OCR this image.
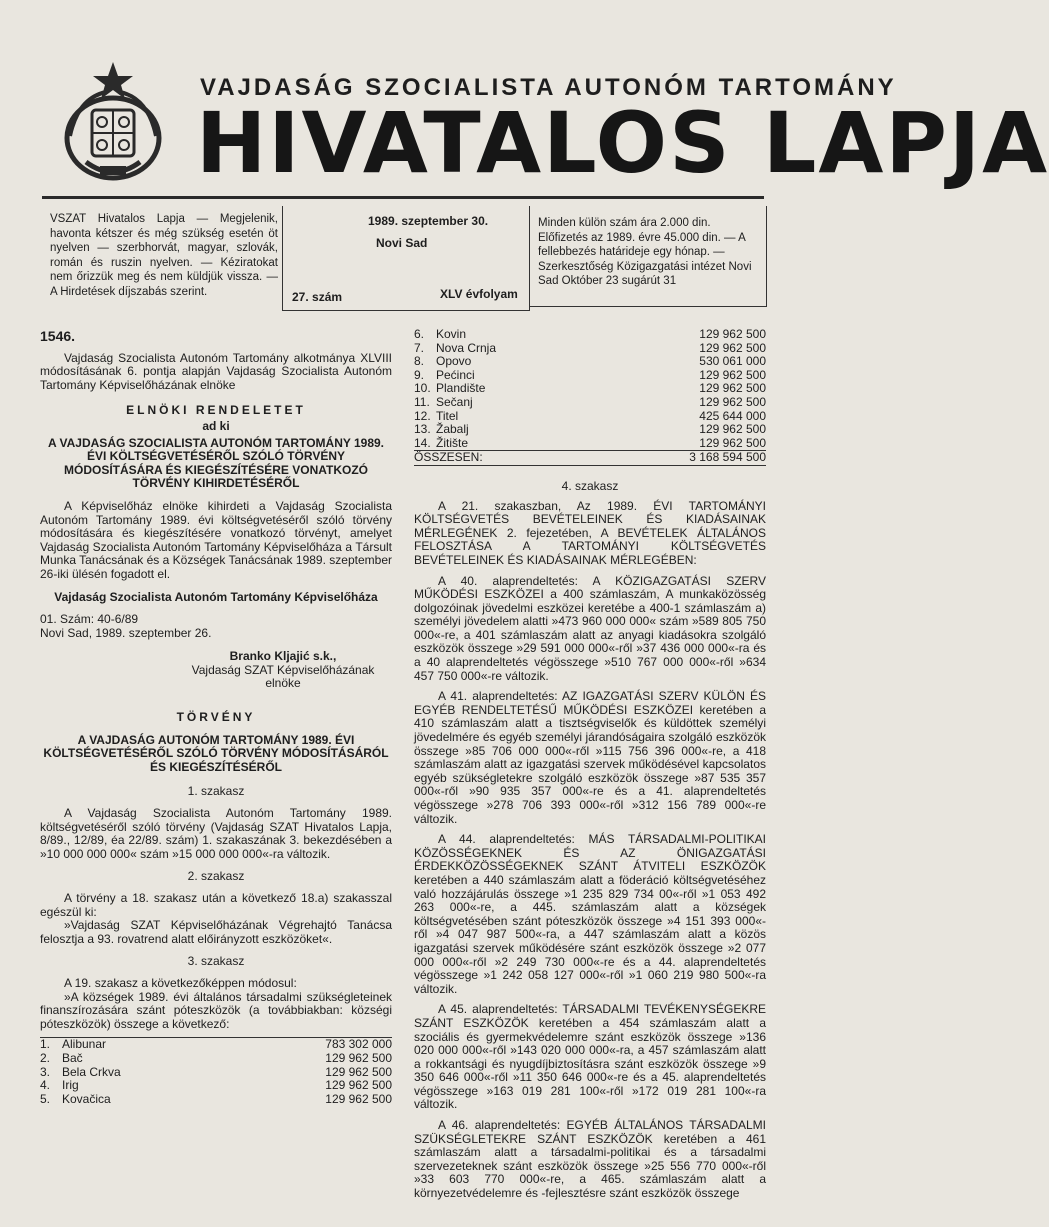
VAJDASÁG SZOCIALISTA AUTONÓM TARTOMÁNY
HIVATALOS LAPJA
VSZAT Hivatalos Lapja — Megjelenik, havonta kétszer és még szükség esetén öt nyelven — szerbhorvát, magyar, szlovák, román és ruszin nyelven. — Kéziratokat nem őrizzük meg és nem küldjük vissza. — A Hirdetések díjszabás szerint.
1989. szeptember 30.
Novi Sad
27. szám	XLV évfolyam
Minden külön szám ára 2.000 din. Előfizetés az 1989. évre 45.000 din. — A fellebbezés határideje egy hónap. — Szerkesztőség Közigazgatási intézet Novi Sad Október 23 sugárút 31

1546.

Vajdaság Szocialista Autonóm Tartomány alkotmánya XLVIII módosításának 6. pontja alapján Vajdaság Szocialista Autonóm Tartomány Képviselőházának elnöke

ELNÖKI RENDELETET

ad ki

A VAJDASÁG SZOCIALISTA AUTONÓM TARTOMÁNY 1989. ÉVI KÖLTSÉGVETÉSÉRŐL SZÓLÓ TÖRVÉNY MÓDOSÍTÁSÁRA ÉS KIEGÉSZÍTÉSÉRE VONATKOZÓ TÖRVÉNY KIHIRDETÉSÉRŐL

A Képviselőház elnöke kihirdeti a Vajdaság Szocialista Autonóm Tartomány 1989. évi költségvetéséről szóló törvény módosítására és kiegészítésére vonatkozó törvényt, amelyet Vajdaság Szocialista Autonóm Tartomány Képviselőháza a Társult Munka Tanácsának és a Községek Tanácsának 1989. szeptember 26-iki ülésén fogadott el.

Vajdaság Szocialista Autonóm Tartomány Képviselőháza

01. Szám: 40-6/89

Novi Sad, 1989. szeptember 26.

Branko Kljajić s.k.,

Vajdaság SZAT Képviselőházának

elnöke

TÖRVÉNY

A VAJDASÁG AUTONÓM TARTOMÁNY 1989. ÉVI KÖLTSÉGVETÉSÉRŐL SZÓLÓ TÖRVÉNY MÓDOSÍTÁSÁRÓL ÉS KIEGÉSZÍTÉSÉRŐL

1. szakasz

A Vajdaság Szocialista Autonóm Tartomány 1989. költségvetéséről szóló törvény (Vajdaság SZAT Hivatalos Lapja, 8/89., 12/89, éa 22/89. szám) 1. szakaszának 3. bekezdésében a »10 000 000 000« szám »15 000 000 000«-ra változik.

2. szakasz

A törvény a 18. szakasz után a következő 18.a) szakasszal egészül ki:

»Vajdaság SZAT Képviselőházának Végrehajtó Tanácsa felosztja a 93. rovatrend alatt előirányzott eszközöket«.

3. szakasz

A 19. szakasz a következőképpen módosul:

»A községek 1989. évi általános társadalmi szükségleteinek finanszírozására szánt póteszközök (a továbbiakban: községi póteszközök) összege a következő:

1.	Alibunar	783 302 000
2.	Bač	129 962 500
3.	Bela Crkva	129 962 500
4.	Irig	129 962 500
5.	Kovačica	129 962 500
6.	Kovin	129 962 500
7.	Nova Crnja	129 962 500
8.	Opovo	530 061 000
9.	Pećinci	129 962 500
10.	Plandište	129 962 500
11.	Sečanj	129 962 500
12.	Titel	425 644 000
13.	Žabalj	129 962 500
14.	Žitište	129 962 500
ÖSSZESEN:		3 168 594 500

4. szakasz

A 21. szakaszban, Az 1989. ÉVI TARTOMÁNYI KÖLTSÉGVETÉS BEVÉTELEINEK ÉS KIADÁSAINAK MÉRLEGÉNEK 2. fejezetében, A BEVÉTELEK ÁLTALÁNOS FELOSZTÁSA A TARTOMÁNYI KÖLTSÉGVETÉS BEVÉTELEINEK ÉS KIADÁSAINAK MÉRLEGÉBEN:

A 40. alaprendeltetés: A KÖZIGAZGATÁSI SZERV MŰKÖDÉSI ESZKÖZEI a 400 számlaszám, A munkaközösség dolgozóinak jövedelmi eszközei keretébe a 400-1 számlaszám a) személyi jövedelem alatti »473 960 000 000« szám »589 805 750 000«-re, a 401 számlaszám alatt az anyagi kiadásokra szolgáló eszközök összege »29 591 000 000«-ről »37 436 000 000«-ra és a 40 alaprendeltetés végösszege »510 767 000 000«-ről »634 457 750 000«-re változik.

A 41. alaprendeltetés: AZ IGAZGATÁSI SZERV KÜLÖN ÉS EGYÉB RENDELTETÉSŰ MŰKÖDÉSI ESZKÖZEI keretében a 410 számlaszám alatt a tisztségviselők és küldöttek személyi jövedelmére és egyéb személyi járandóságaira szolgáló eszközök összege »85 706 000 000«-ről »115 756 396 000«-re, a 418 számlaszám alatt az igazgatási szervek működésével kapcsolatos egyéb szükségletekre szolgáló eszközök összege »87 535 357 000«-ről »90 935 357 000«-re és a 41. alaprendeltetés végösszege »278 706 393 000«-ről »312 156 789 000«-re változik.

A 44. alaprendeltetés: MÁS TÁRSADALMI-POLITIKAI KÖZÖSSÉGEKNEK ÉS AZ ÖNIGAZGATÁSI ÉRDEKKÖZÖSSÉGEKNEK SZÁNT ÁTVITELI ESZKÖZÖK keretében a 440 számlaszám alatt a föderáció költségvetéséhez való hozzájárulás összege »1 235 829 734 00«-ről »1 053 492 263 000«-re, a 445. számlaszám alatt a községek költségvetésében szánt póteszközök összege »4 151 393 000«-ről »4 047 987 500«-ra, a 447 számlaszám alatt a közös igazgatási szervek működésére szánt eszközök összege »2 077 000 000«-ről »2 249 730 000«-re és a 44. alaprendeltetés végösszege »1 242 058 127 000«-ről »1 060 219 980 500«-ra változik.

A 45. alaprendeltetés: TÁRSADALMI TEVÉKENYSÉGEKRE SZÁNT ESZKÖZÖK keretében a 454 számlaszám alatt a szociális és gyermekvédelemre szánt eszközök összege »136 020 000 000«-ről »143 020 000 000«-ra, a 457 számlaszám alatt a rokkantsági és nyugdíjbiztosításra szánt eszközök összege »9 350 646 000«-ről »11 350 646 000«-re és a 45. alaprendeltetés végösszege »163 019 281 100«-ről »172 019 281 100«-ra változik.

A 46. alaprendeltetés: EGYÉB ÁLTALÁNOS TÁRSADALMI SZÜKSÉGLETEKRE SZÁNT ESZKÖZÖK keretében a 461 számlaszám alatt a társadalmi-politikai és a társadalmi szervezeteknek szánt eszközök összege »25 556 770 000«-ről »33 603 770 000«-re, a 465. számlaszám alatt a környezetvédelemre és -fejlesztésre szánt eszközök összege
